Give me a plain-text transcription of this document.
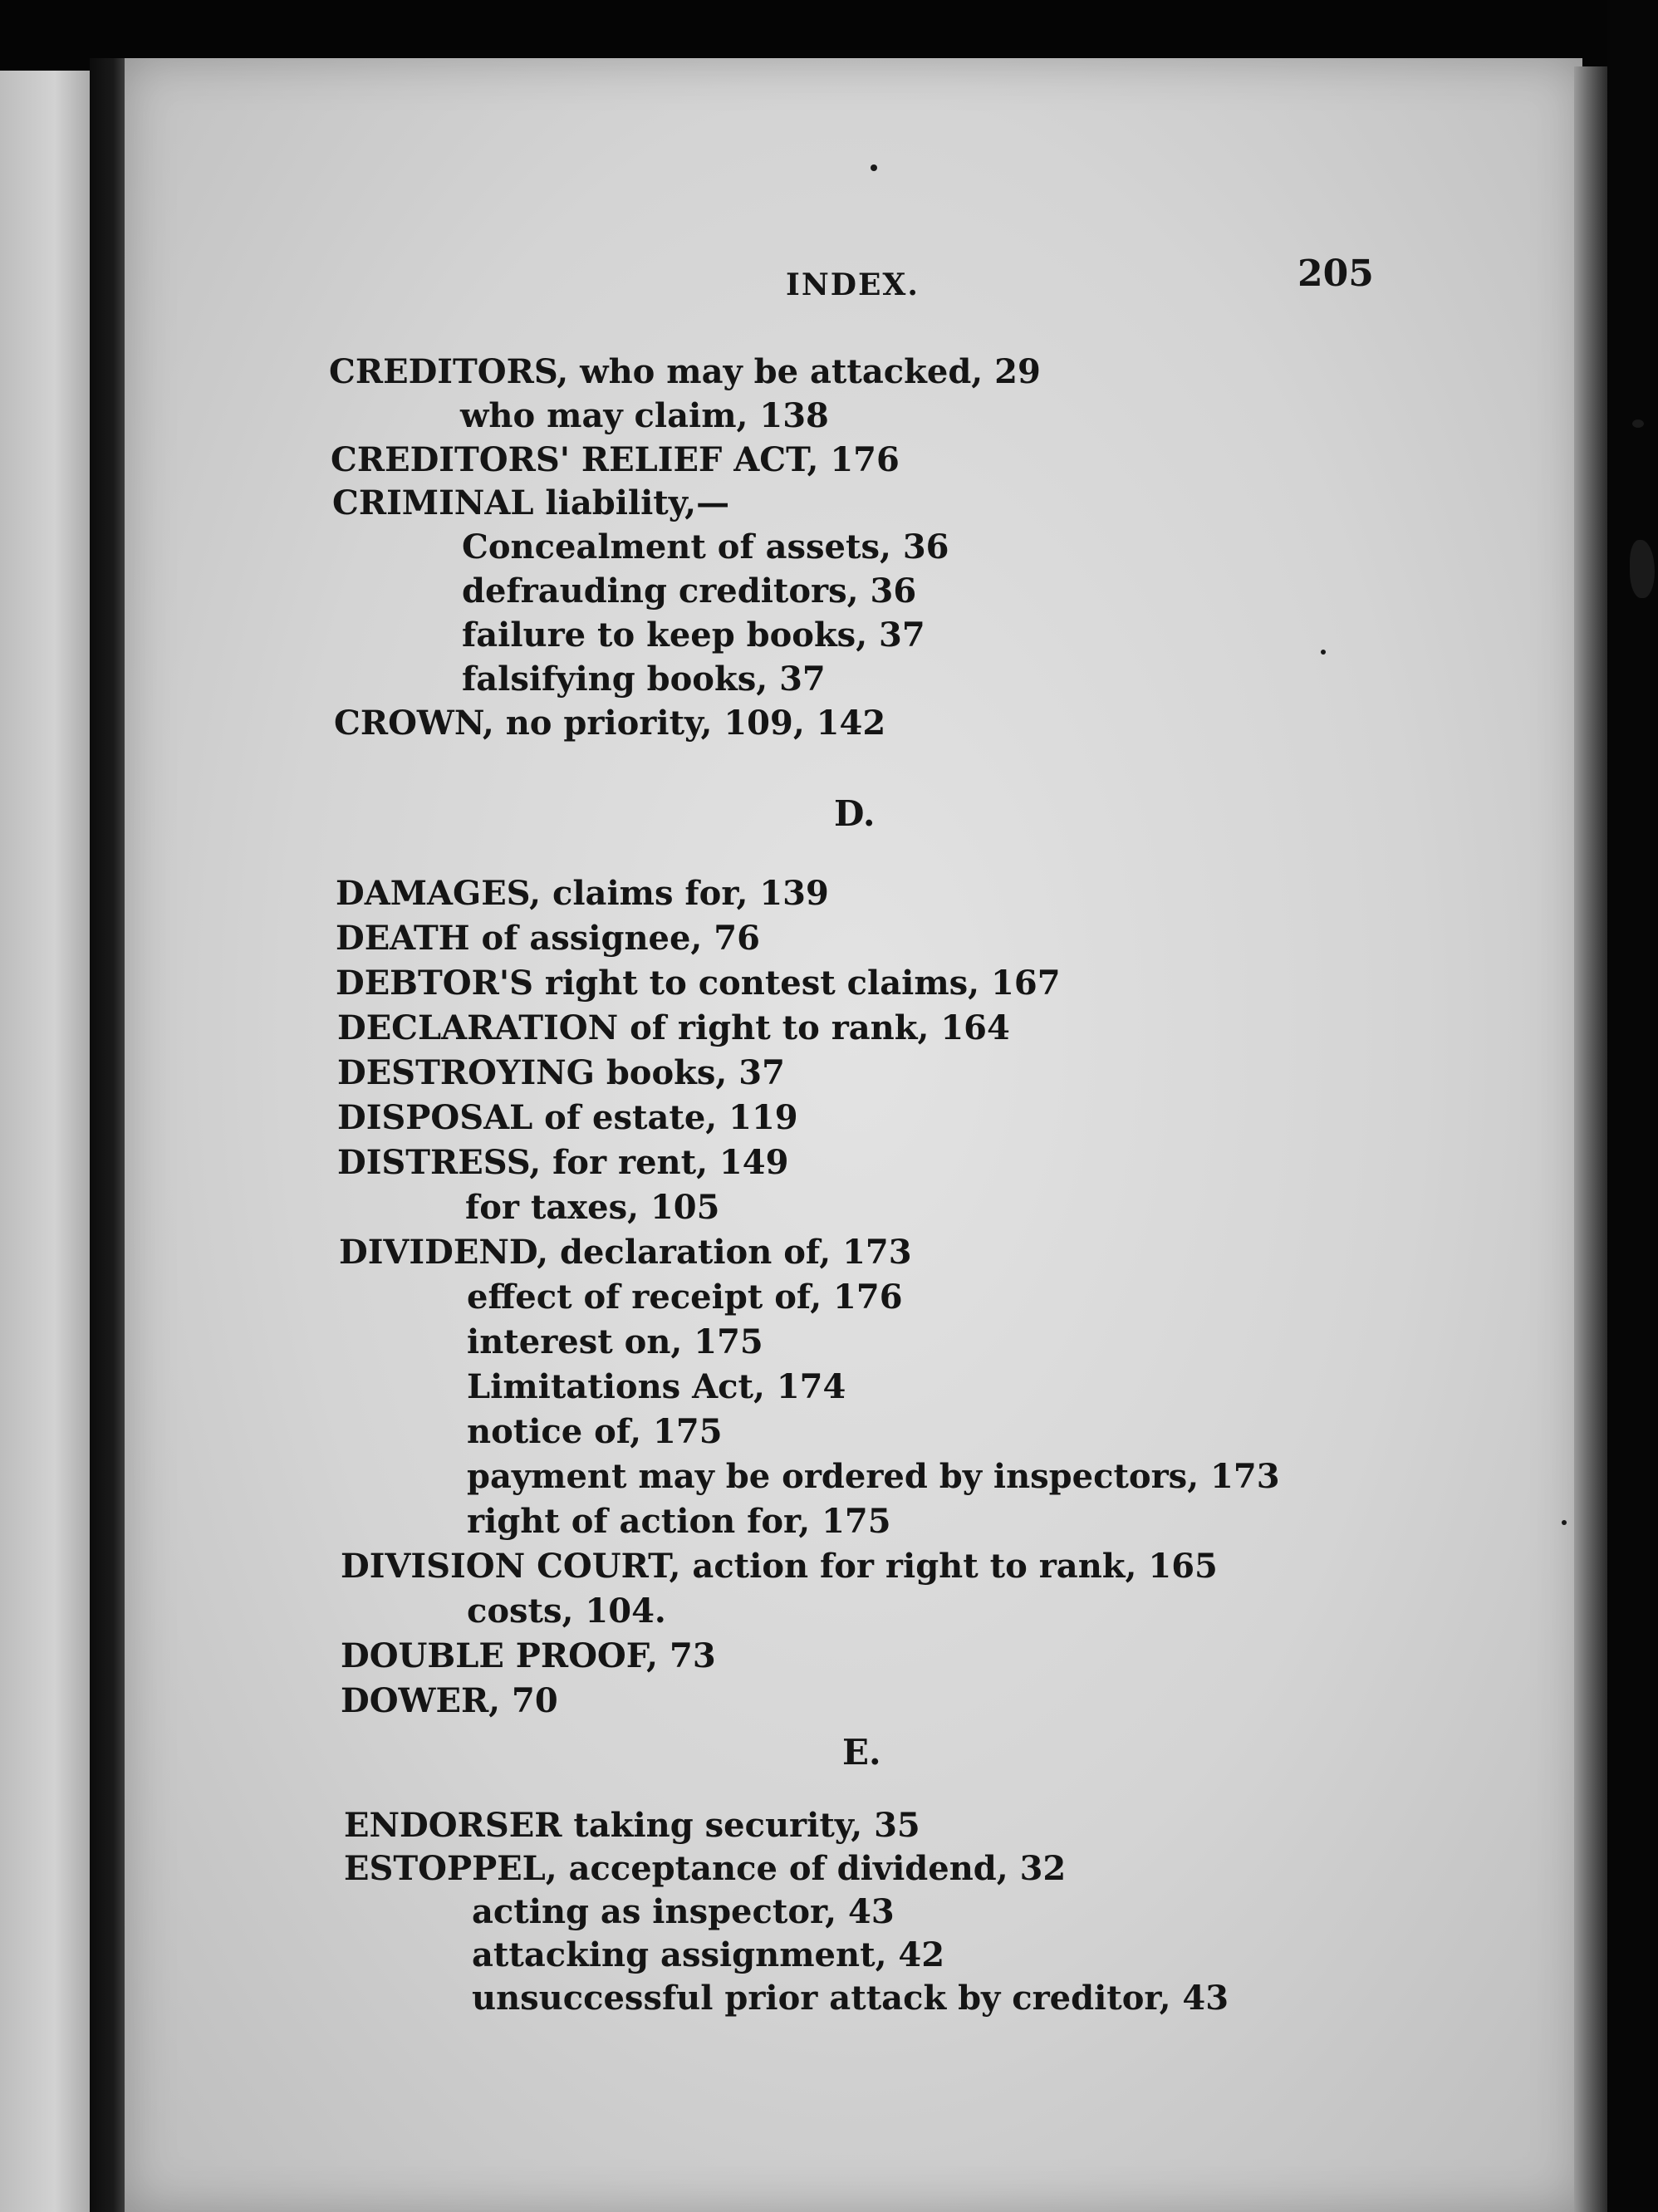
INDEX.	205
CREDITORS, who may be attacked, 29
who may claim, 138
CREDITORS' RELIEF ACT, 176
CRIMINAL liability,—
Concealment of assets, 36
defrauding creditors, 36
failure to keep books, 37
falsifying books, 37
CROWN, no priority, 109, 142
D.
DAMAGES, claims for, 139
DEATH of assignee, 76
DEBTOR'S right to contest claims, 167
DECLARATION of right to rank, 164
DESTROYING books, 37
DISPOSAL of estate, 119
DISTRESS, for rent, 149
for taxes, 105
DIVIDEND, declaration of, 173
effect of receipt of, 176
interest on, 175
Limitations Act, 174
notice of, 175
payment may be ordered by inspectors, 173
right of action for, 175
DIVISION COURT, action for right to rank, 165
costs, 104.
DOUBLE PROOF, 73
DOWER, 70
E.
ENDORSER taking security, 35
ESTOPPEL, acceptance of dividend, 32
acting as inspector, 43
attacking assignment, 42
unsuccessful prior attack by creditor, 43
